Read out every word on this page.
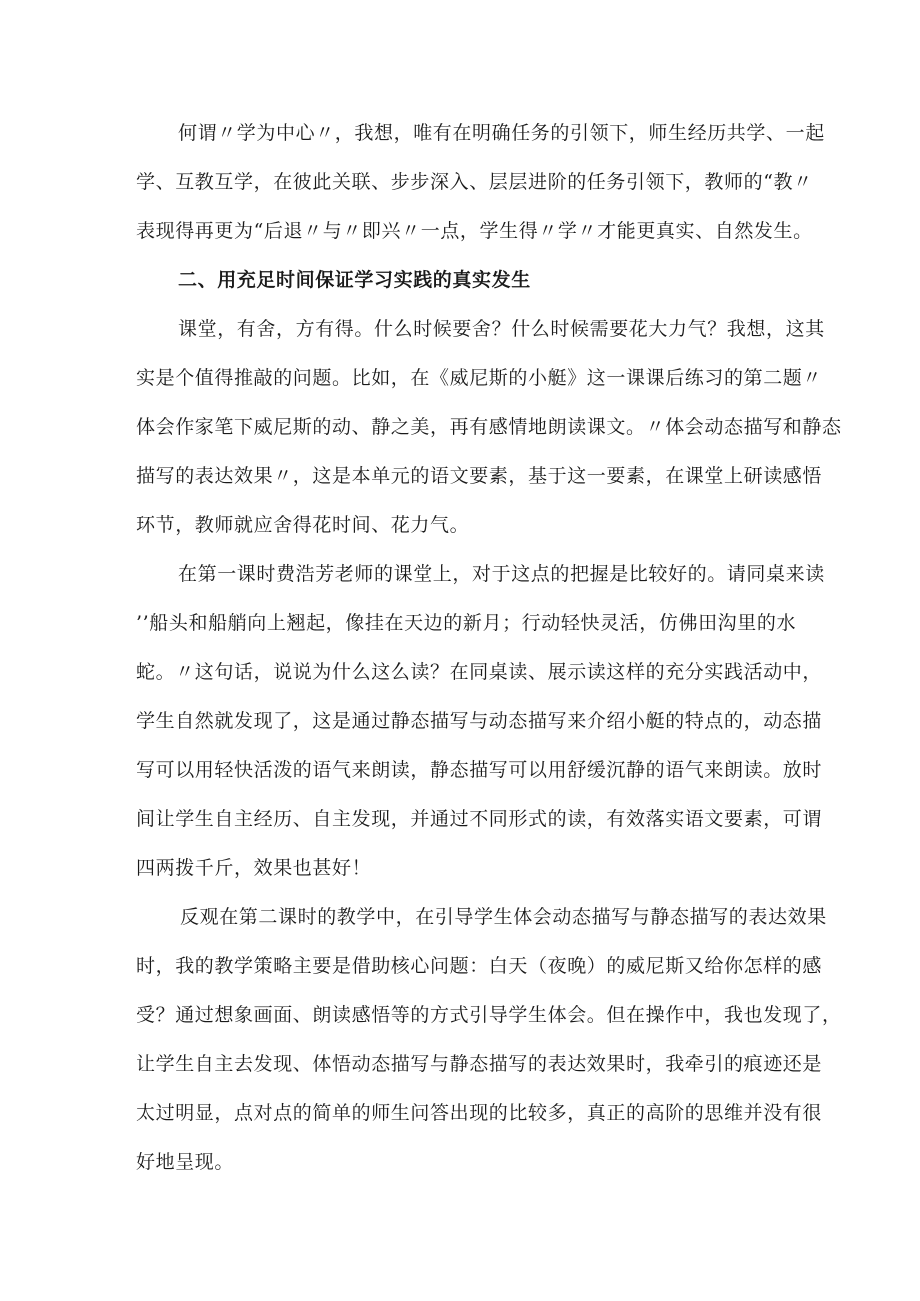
何谓〃学为中心〃，我想，唯有在明确任务的引领下，师生经历共学、一起
学、互教互学，在彼此关联、步步深入、层层进阶的任务引领下，教师的“教〃
表现得再更为“后退〃与〃即兴〃一点，学生得〃学〃才能更真实、自然发生。
二、用充足时间保证学习实践的真实发生
课堂，有舍，方有得。什么时候要舍？什么时候需要花大力气？我想，这其
实是个值得推敲的问题。比如，在《威尼斯的小艇》这一课课后练习的第二题〃
体会作家笔下威尼斯的动、静之美，再有感情地朗读课文。〃体会动态描写和静态
描写的表达效果〃，这是本单元的语文要素，基于这一要素，在课堂上研读感悟
环节，教师就应舍得花时间、花力气。
在第一课时费浩芳老师的课堂上，对于这点的把握是比较好的。请同桌来读
’’船头和船艄向上翘起，像挂在天边的新月；行动轻快灵活，仿佛田沟里的水
蛇。〃这句话，说说为什么这么读？在同桌读、展示读这样的充分实践活动中，
学生自然就发现了，这是通过静态描写与动态描写来介绍小艇的特点的，动态描
写可以用轻快活泼的语气来朗读，静态描写可以用舒缓沉静的语气来朗读。放时
间让学生自主经历、自主发现，并通过不同形式的读，有效落实语文要素，可谓
四两拨千斤，效果也甚好！
反观在第二课时的教学中，在引导学生体会动态描写与静态描写的表达效果
时，我的教学策略主要是借助核心问题：白天（夜晚）的威尼斯又给你怎样的感
受？通过想象画面、朗读感悟等的方式引导学生体会。但在操作中，我也发现了，
让学生自主去发现、体悟动态描写与静态描写的表达效果时，我牵引的痕迹还是
太过明显，点对点的简单的师生问答出现的比较多，真正的高阶的思维并没有很
好地呈现。
